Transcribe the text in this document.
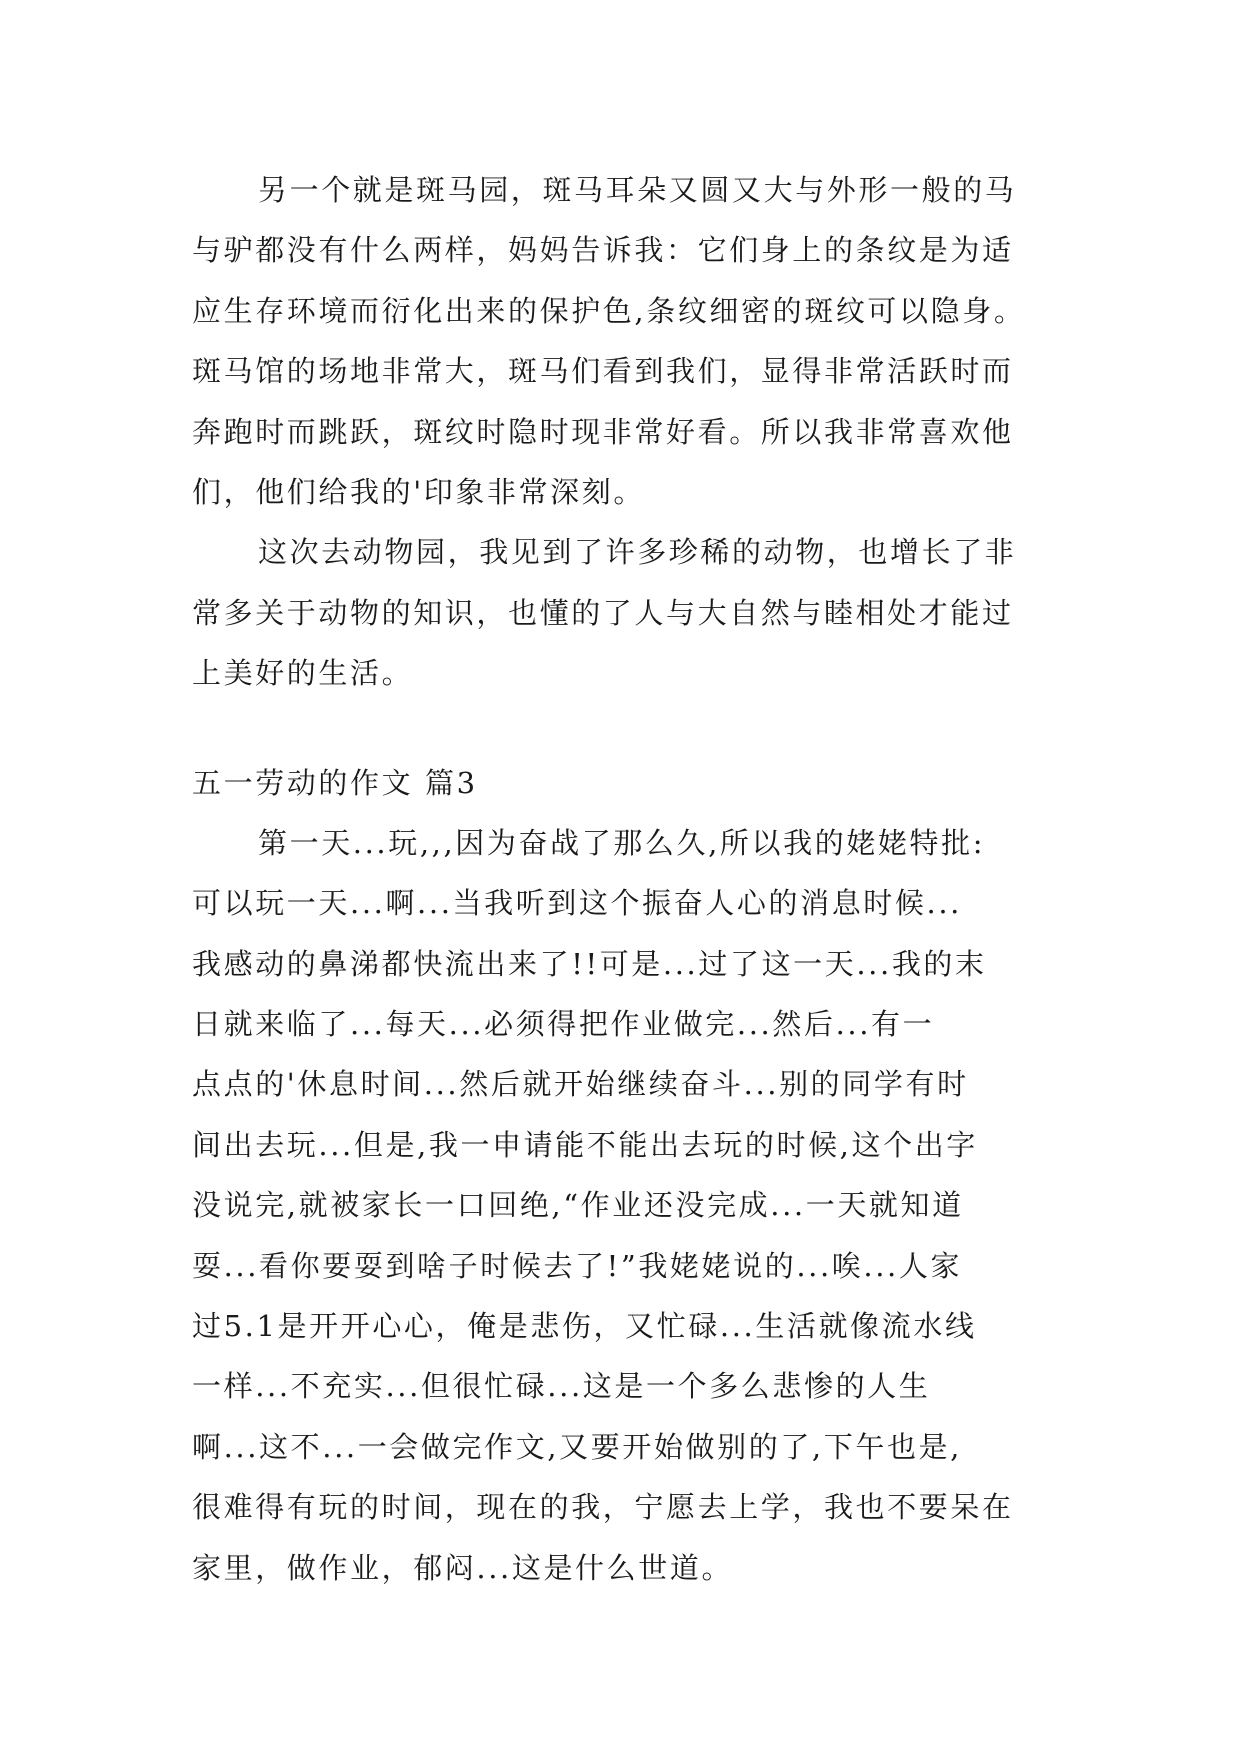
另一个就是斑马园，斑马耳朵又圆又大与外形一般的马
与驴都没有什么两样，妈妈告诉我：它们身上的条纹是为适
应生存环境而衍化出来的保护色,条纹细密的斑纹可以隐身。
斑马馆的场地非常大，斑马们看到我们，显得非常活跃时而
奔跑时而跳跃，斑纹时隐时现非常好看。所以我非常喜欢他
们，他们给我的'印象非常深刻。
这次去动物园，我见到了许多珍稀的动物，也增长了非
常多关于动物的知识，也懂的了人与大自然与睦相处才能过
上美好的生活。
五一劳动的作文 篇3
第一天...玩,,,因为奋战了那么久,所以我的姥姥特批:
可以玩一天...啊...当我听到这个振奋人心的消息时候...
我感动的鼻涕都快流出来了!!可是...过了这一天...我的末
日就来临了...每天...必须得把作业做完...然后...有一
点点的'休息时间...然后就开始继续奋斗...别的同学有时
间出去玩...但是,我一申请能不能出去玩的时候,这个出字
没说完,就被家长一口回绝,“作业还没完成...一天就知道
耍...看你要耍到啥子时候去了!”我姥姥说的...唉...人家
过5.1是开开心心，俺是悲伤，又忙碌...生活就像流水线
一样...不充实...但很忙碌...这是一个多么悲惨的人生
啊...这不...一会做完作文,又要开始做别的了,下午也是,
很难得有玩的时间，现在的我，宁愿去上学，我也不要呆在
家里，做作业，郁闷...这是什么世道。
